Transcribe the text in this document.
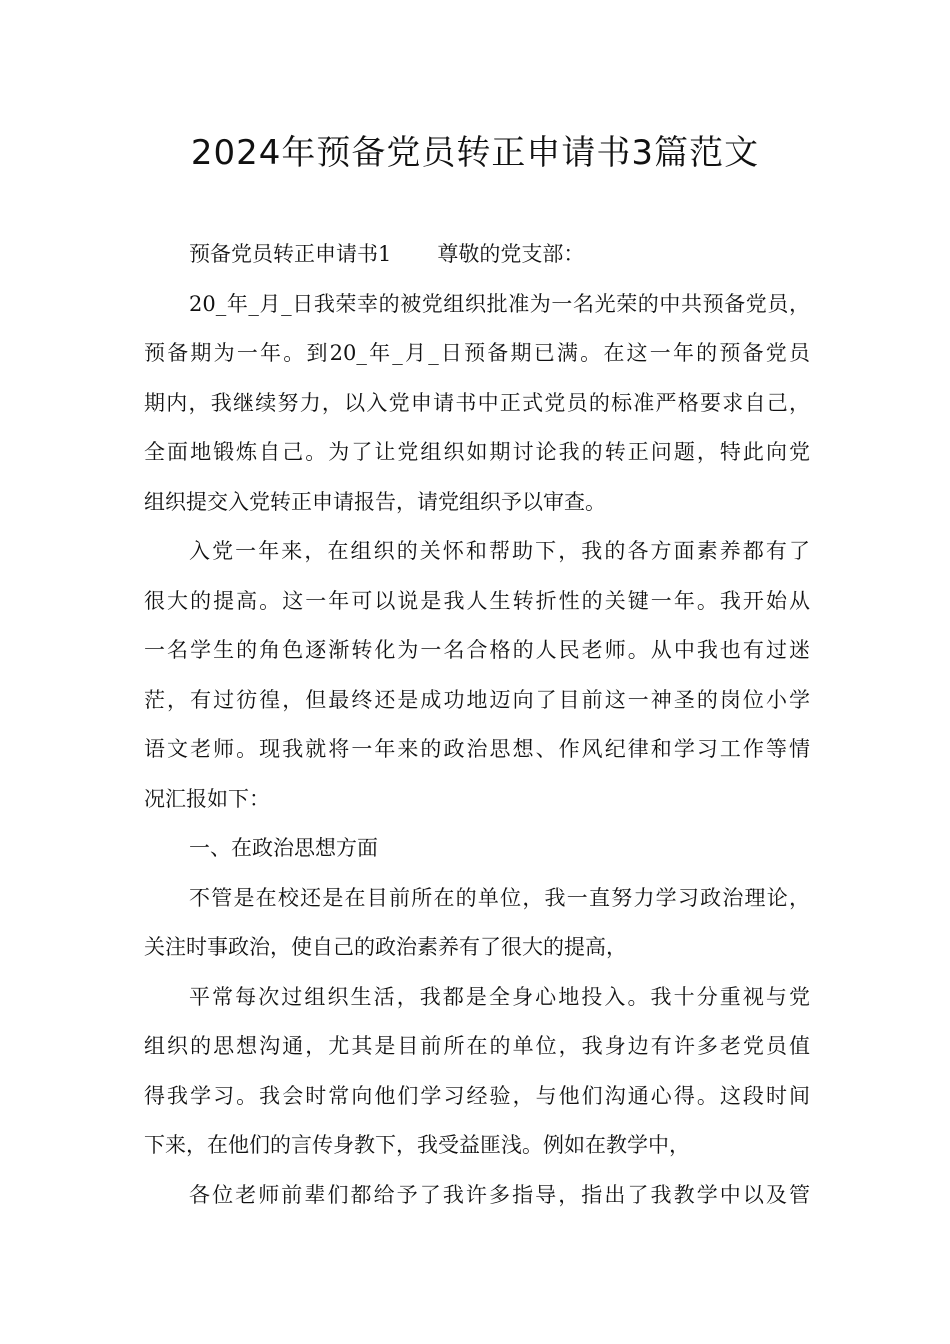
2024年预备党员转正申请书3篇范文
预备党员转正申请书1 尊敬的党支部：
20_年_月_日我荣幸的被党组织批准为一名光荣的中共预备党员，
预备期为一年。到20_年_月_日预备期已满。在这一年的预备党员
期内，我继续努力，以入党申请书中正式党员的标准严格要求自己，
全面地锻炼自己。为了让党组织如期讨论我的转正问题，特此向党
组织提交入党转正申请报告，请党组织予以审查。
入党一年来，在组织的关怀和帮助下，我的各方面素养都有了
很大的提高。这一年可以说是我人生转折性的关键一年。我开始从
一名学生的角色逐渐转化为一名合格的人民老师。从中我也有过迷
茫，有过彷徨，但最终还是成功地迈向了目前这一神圣的岗位小学
语文老师。现我就将一年来的政治思想、作风纪律和学习工作等情
况汇报如下：
一、在政治思想方面
不管是在校还是在目前所在的单位，我一直努力学习政治理论，
关注时事政治，使自己的政治素养有了很大的提高，
平常每次过组织生活，我都是全身心地投入。我十分重视与党
组织的思想沟通，尤其是目前所在的单位，我身边有许多老党员值
得我学习。我会时常向他们学习经验，与他们沟通心得。这段时间
下来，在他们的言传身教下，我受益匪浅。例如在教学中，
各位老师前辈们都给予了我许多指导，指出了我教学中以及管
